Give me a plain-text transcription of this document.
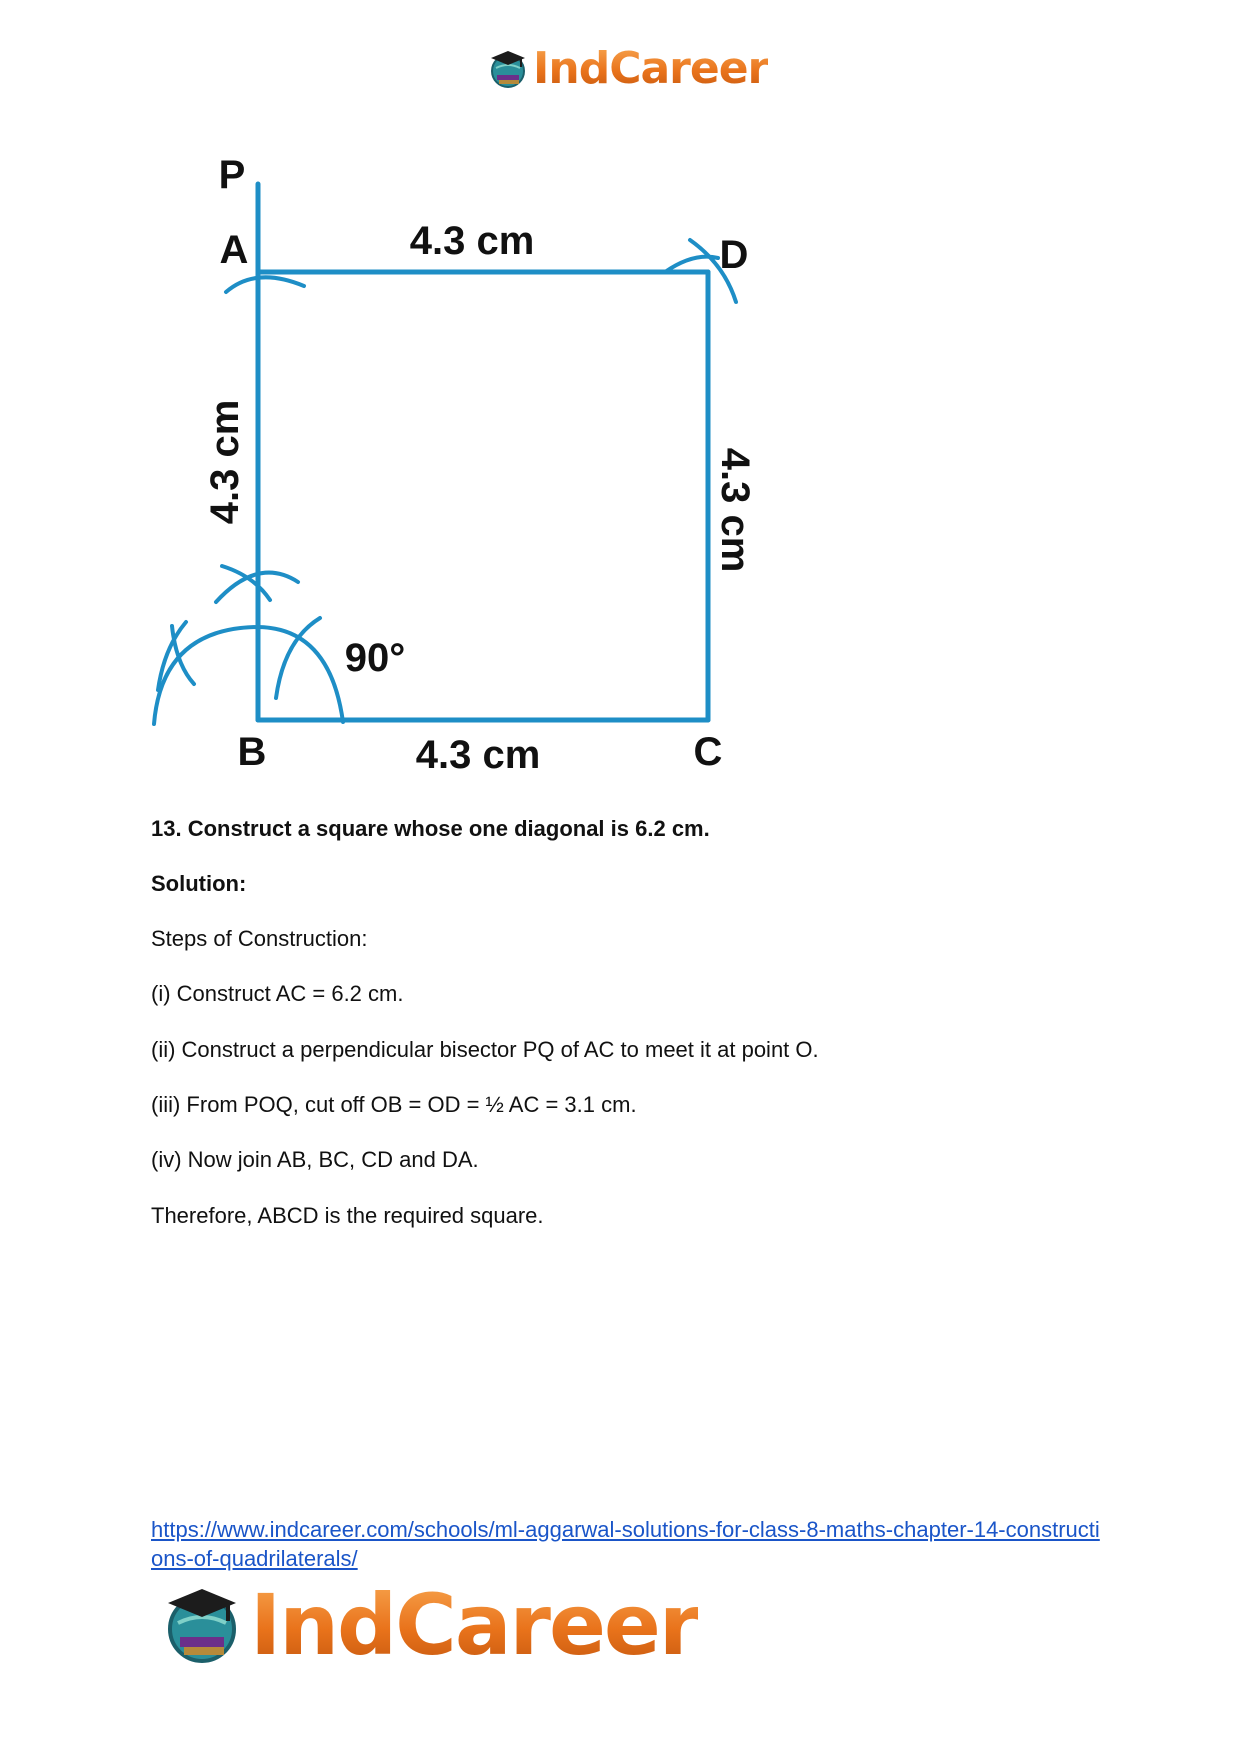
IndCareer
P
A	D
B	C
4.3 cm
4.3 cm
4.3 cm	4.3 cm
90°
13. Construct a square whose one diagonal is 6.2 cm.
Solution:
Steps of Construction:
(i) Construct AC = 6.2 cm.
(ii) Construct a perpendicular bisector PQ of AC to meet it at point O.
(iii) From POQ, cut off OB = OD = ½ AC = 3.1 cm.
(iv) Now join AB, BC, CD and DA.
Therefore, ABCD is the required square.
https://www.indcareer.com/schools/ml-aggarwal-solutions-for-class-8-maths-chapter-14-constructions-of-quadrilaterals/
IndCareer
